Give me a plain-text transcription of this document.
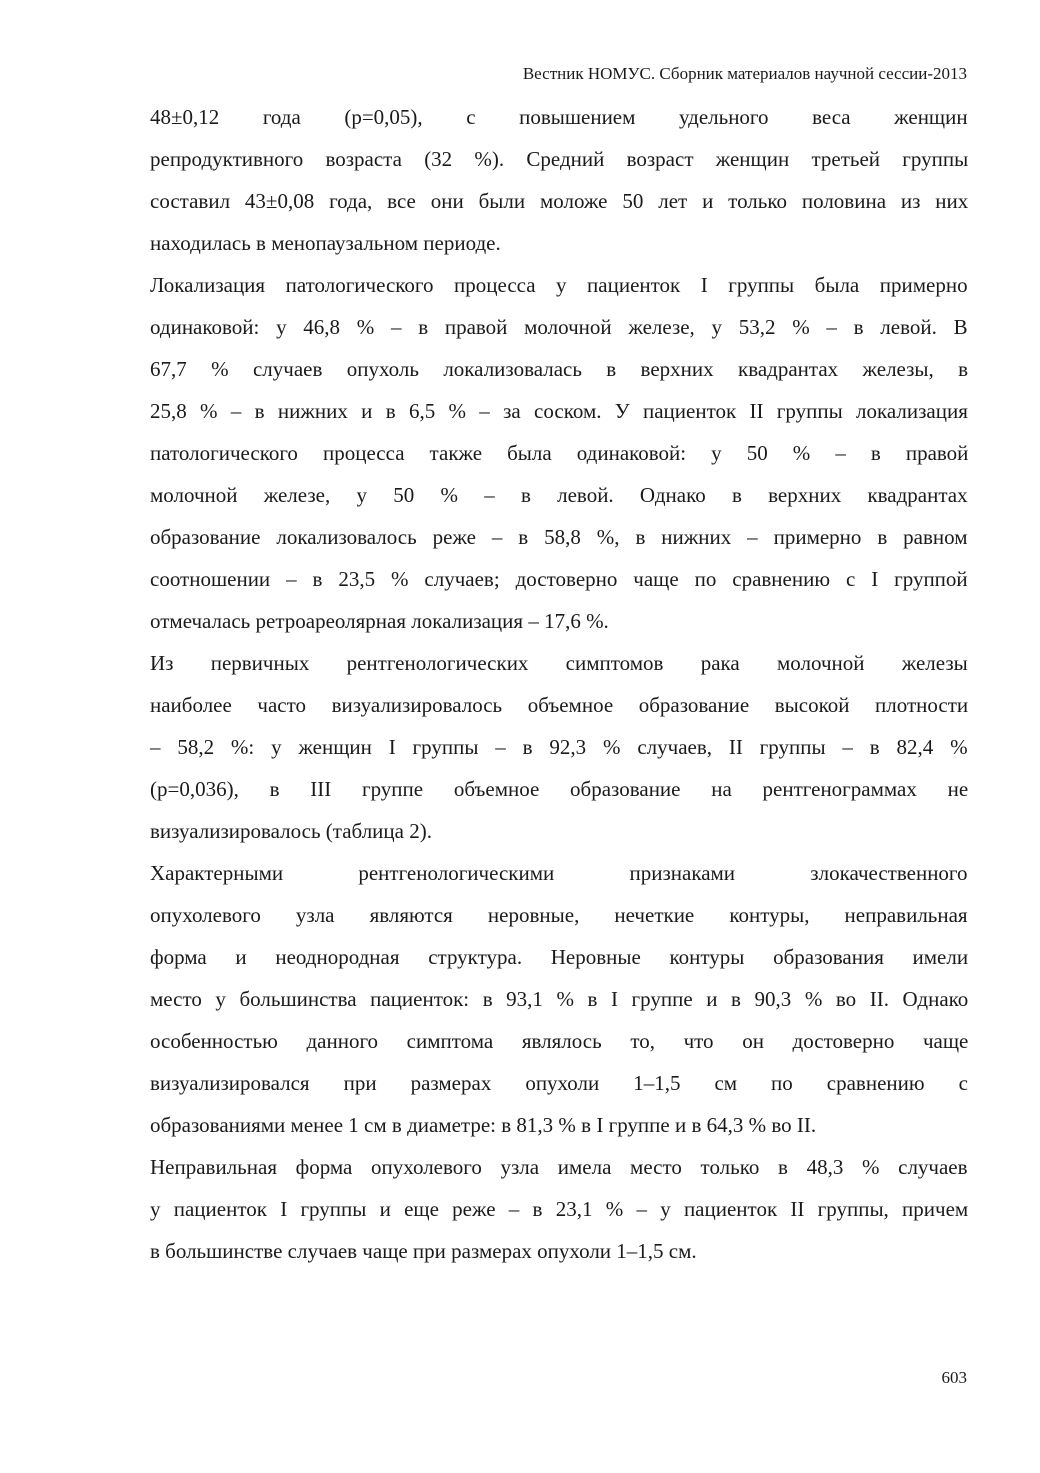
Вестник НОМУС. Сборник материалов научной сессии-2013
48±0,12 года (р=0,05), с повышением удельного веса женщин
репродуктивного возраста (32 %). Средний возраст женщин третьей группы
составил 43±0,08 года, все они были моложе 50 лет и только половина из них
находилась в менопаузальном периоде.
Локализация патологического процесса у пациенток I группы была примерно
одинаковой: у 46,8 % – в правой молочной железе, у 53,2 % – в левой. В
67,7 % случаев опухоль локализовалась в верхних квадрантах железы, в
25,8 % – в нижних и в 6,5 % – за соском. У пациенток II группы локализация
патологического процесса также была одинаковой: у 50 % – в правой
молочной железе, у 50 % – в левой. Однако в верхних квадрантах
образование локализовалось реже – в 58,8 %, в нижних – примерно в равном
соотношении – в 23,5 % случаев; достоверно чаще по сравнению с I группой
отмечалась ретроареолярная локализация – 17,6 %.
Из первичных рентгенологических симптомов рака молочной железы
наиболее часто визуализировалось объемное образование высокой плотности
– 58,2 %: у женщин I группы – в 92,3 % случаев, II группы – в 82,4 %
(р=0,036), в III группе объемное образование на рентгенограммах не
визуализировалось (таблица 2).
Характерными рентгенологическими признаками злокачественного
опухолевого узла являются неровные, нечеткие контуры, неправильная
форма и неоднородная структура. Неровные контуры образования имели
место у большинства пациенток: в 93,1 % в I группе и в 90,3 % во II. Однако
особенностью данного симптома являлось то, что он достоверно чаще
визуализировался при размерах опухоли 1–1,5 см по сравнению с
образованиями менее 1 см в диаметре: в 81,3 % в I группе и в 64,3 % во II.
Неправильная форма опухолевого узла имела место только в 48,3 % случаев
у пациенток I группы и еще реже – в 23,1 % – у пациенток II группы, причем
в большинстве случаев чаще при размерах опухоли 1–1,5 см.
603
